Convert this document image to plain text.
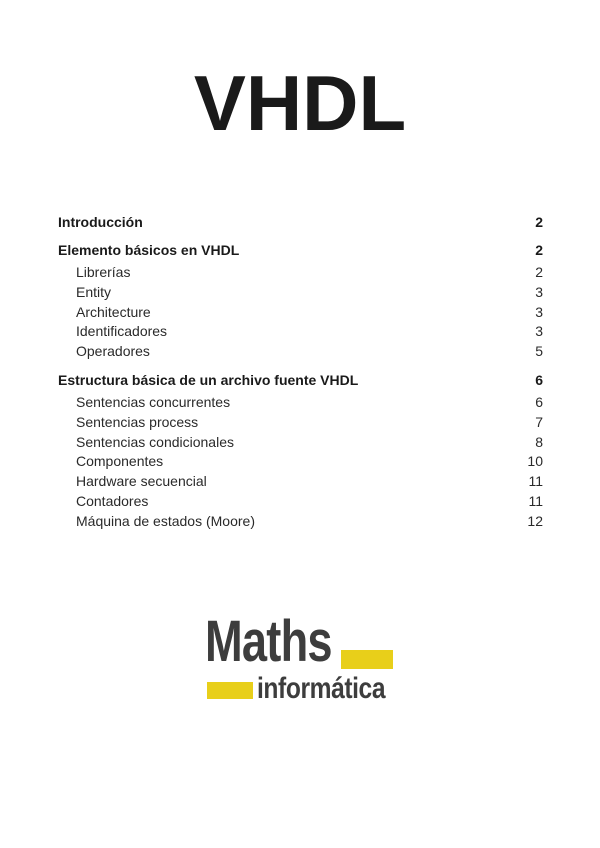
VHDL
Introducción	2
Elemento básicos en VHDL	2
Librerías	2
Entity	3
Architecture	3
Identificadores	3
Operadores	5
Estructura básica de un archivo fuente VHDL	6
Sentencias concurrentes	6
Sentencias process	7
Sentencias condicionales	8
Componentes	10
Hardware secuencial	11
Contadores	11
Máquina de estados (Moore)	12
Maths
informática
